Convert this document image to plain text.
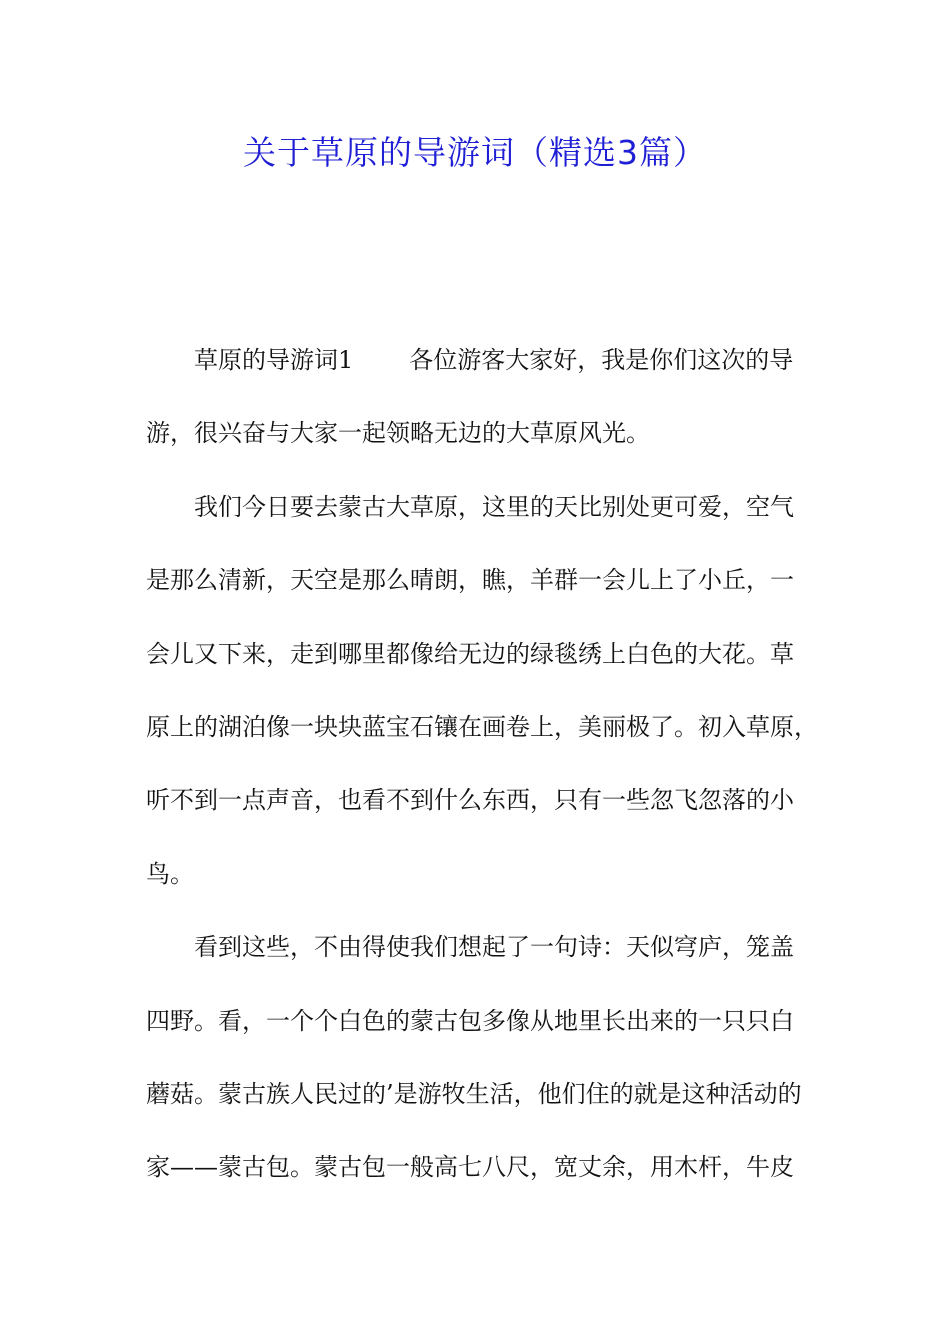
关于草原的导游词（精选3篇）
草原的导游词1 各位游客大家好，我是你们这次的导
游，很兴奋与大家一起领略无边的大草原风光。
我们今日要去蒙古大草原，这里的天比别处更可爱，空气
是那么清新，天空是那么晴朗，瞧，羊群一会儿上了小丘，一
会儿又下来，走到哪里都像给无边的绿毯绣上白色的大花。草
原上的湖泊像一块块蓝宝石镶在画卷上，美丽极了。初入草原，
听不到一点声音，也看不到什么东西，只有一些忽飞忽落的小
鸟。
看到这些，不由得使我们想起了一句诗：天似穹庐，笼盖
四野。看，一个个白色的蒙古包多像从地里长出来的一只只白
蘑菇。蒙古族人民过的’是游牧生活，他们住的就是这种活动的
家——蒙古包。蒙古包一般高七八尺，宽丈余，用木杆，牛皮
